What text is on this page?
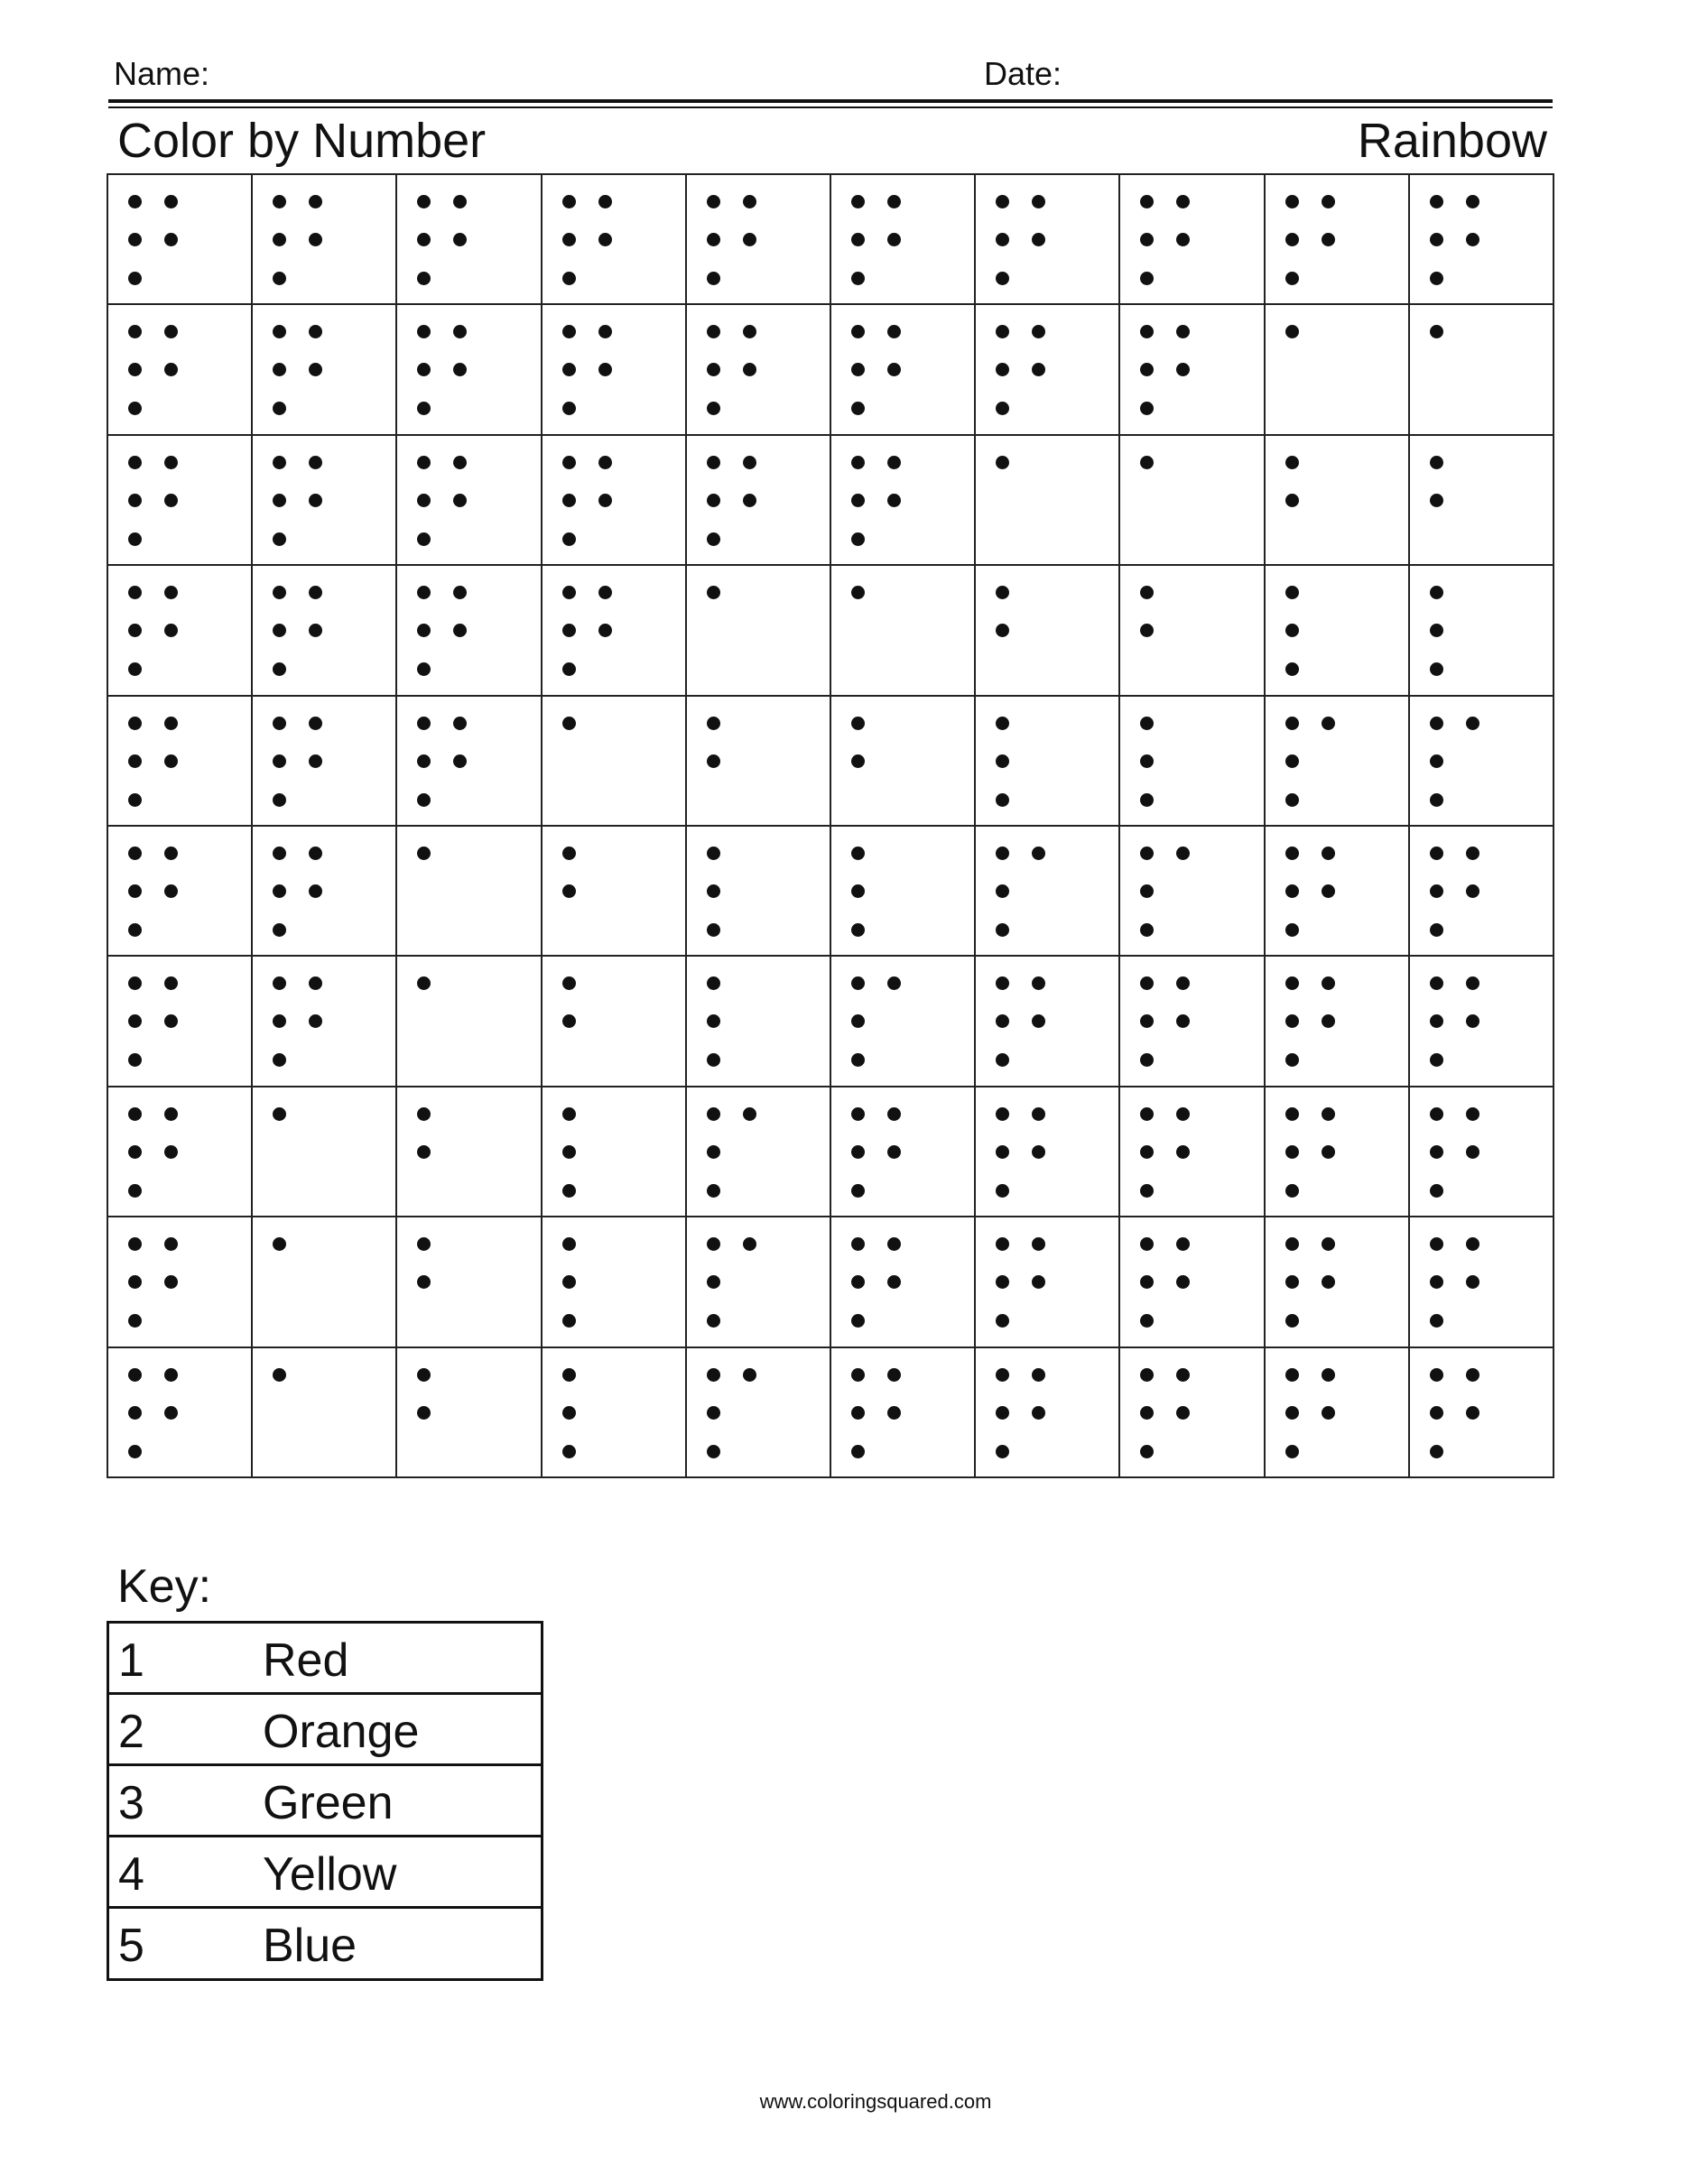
Name:	Date:
Color by Number	Rainbow
Key:
1	Red
2	Orange
3	Green
4	Yellow
5	Blue
www.coloringsquared.com
